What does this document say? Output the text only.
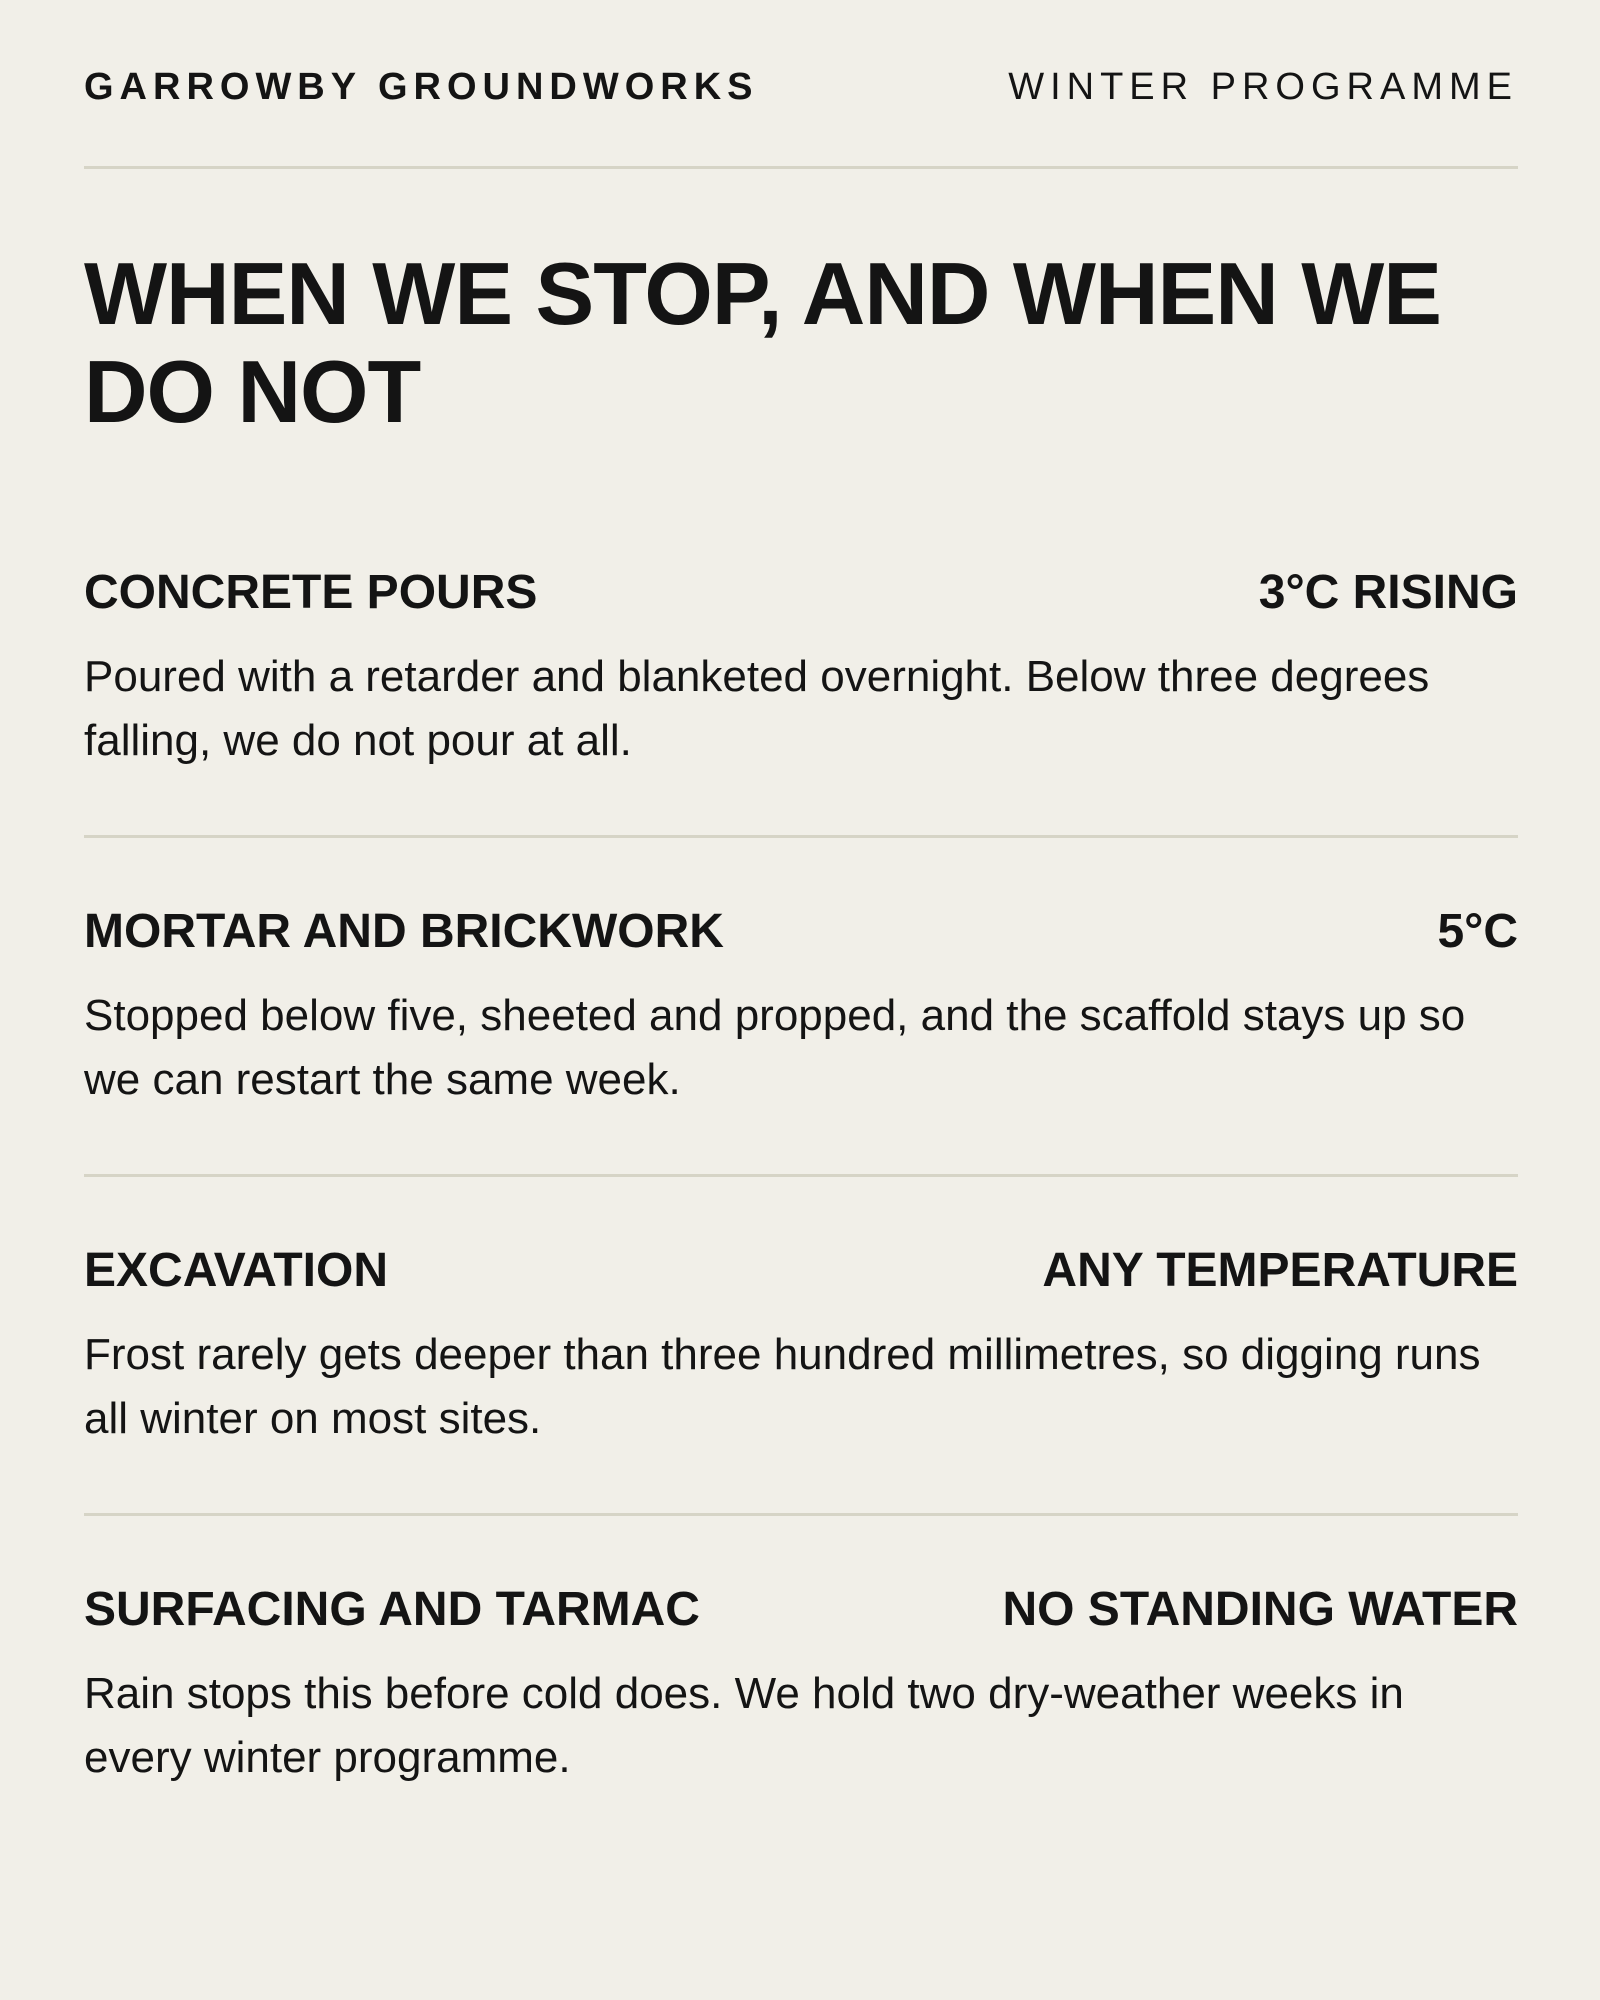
GARROWBY GROUNDWORKS	WINTER PROGRAMME
WHEN WE STOP, AND WHEN WE DO NOT
CONCRETE POURS	3°C RISING
Poured with a retarder and blanketed overnight. Below three degrees falling, we do not pour at all.
MORTAR AND BRICKWORK	5°C
Stopped below five, sheeted and propped, and the scaffold stays up so we can restart the same week.
EXCAVATION	ANY TEMPERATURE
Frost rarely gets deeper than three hundred millimetres, so digging runs all winter on most sites.
SURFACING AND TARMAC	NO STANDING WATER
Rain stops this before cold does. We hold two dry-weather weeks in every winter programme.
